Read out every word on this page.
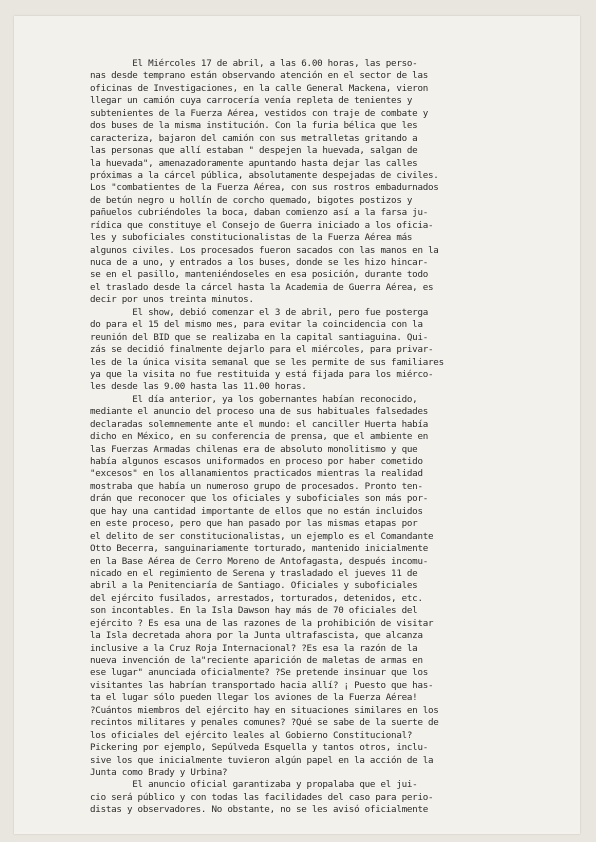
El Miércoles 17 de abril, a las 6.00 horas, las perso-
nas desde temprano están observando atención en el sector de las
oficinas de Investigaciones, en la calle General Mackena, vieron
llegar un camión cuya carrocería venía repleta de tenientes y
subtenientes de la Fuerza Aérea, vestidos con traje de combate y
dos buses de la misma institución. Con la furia bélica que les
caracteriza, bajaron del camión con sus metralletas gritando a
las personas que allí estaban " despejen la huevada, salgan de
la huevada", amenazadoramente apuntando hasta dejar las calles
próximas a la cárcel pública, absolutamente despejadas de civiles.
Los "combatientes de la Fuerza Aérea, con sus rostros embadurnados
de betún negro u hollín de corcho quemado, bigotes postizos y
pañuelos cubriéndoles la boca, daban comienzo así a la farsa ju-
rídica que constituye el Consejo de Guerra iniciado a los oficia-
les y suboficiales constitucionalistas de la Fuerza Aérea más
algunos civiles. Los procesados fueron sacados con las manos en la
nuca de a uno, y entrados a los buses, donde se les hizo hincar-
se en el pasillo, manteniéndoseles en esa posición, durante todo
el traslado desde la cárcel hasta la Academia de Guerra Aérea, es
decir por unos treinta minutos.
El show, debió comenzar el 3 de abril, pero fue posterga
do para el 15 del mismo mes, para evitar la coincidencia con la
reunión del BID que se realizaba en la capital santiaguina. Qui-
zás se decidió finalmente dejarlo para el miércoles, para privar-
les de la única visita semanal que se les permite de sus familiares
ya que la visita no fue restituida y está fijada para los miérco-
les desde las 9.00 hasta las 11.00 horas.
El día anterior, ya los gobernantes habían reconocido,
mediante el anuncio del proceso una de sus habituales falsedades
declaradas solemnemente ante el mundo: el canciller Huerta había
dicho en México, en su conferencia de prensa, que el ambiente en
las Fuerzas Armadas chilenas era de absoluto monolitismo y que
había algunos escasos uniformados en proceso por haber cometido
"excesos" en los allanamientos practicados mientras la realidad
mostraba que había un numeroso grupo de procesados. Pronto ten-
drán que reconocer que los oficiales y suboficiales son más por-
que hay una cantidad importante de ellos que no están incluidos
en este proceso, pero que han pasado por las mismas etapas por
el delito de ser constitucionalistas, un ejemplo es el Comandante
Otto Becerra, sanguinariamente torturado, mantenido inicialmente
en la Base Aérea de Cerro Moreno de Antofagasta, después incomu-
nicado en el regimiento de Serena y trasladado el jueves 11 de
abril a la Penitenciaría de Santiago. Oficiales y suboficiales
del ejército fusilados, arrestados, torturados, detenidos, etc.
son incontables. En la Isla Dawson hay más de 70 oficiales del
ejército ? Es esa una de las razones de la prohibición de visitar
la Isla decretada ahora por la Junta ultrafascista, que alcanza
inclusive a la Cruz Roja Internacional? ?Es esa la razón de la
nueva invención de la"reciente aparición de maletas de armas en
ese lugar" anunciada oficialmente? ?Se pretende insinuar que los
visitantes las habrían transportado hacia allí? ¡ Puesto que has-
ta el lugar sólo pueden llegar los aviones de la Fuerza Aérea!
?Cuántos miembros del ejército hay en situaciones similares en los
recintos militares y penales comunes? ?Qué se sabe de la suerte de
los oficiales del ejército leales al Gobierno Constitucional?
Pickering por ejemplo, Sepúlveda Esquella y tantos otros, inclu-
sive los que inicialmente tuvieron algún papel en la acción de la
Junta como Brady y Urbina?
El anuncio oficial garantizaba y propalaba que el jui-
cio será público y con todas las facilidades del caso para perio-
distas y observadores. No obstante, no se les avisó oficialmente
